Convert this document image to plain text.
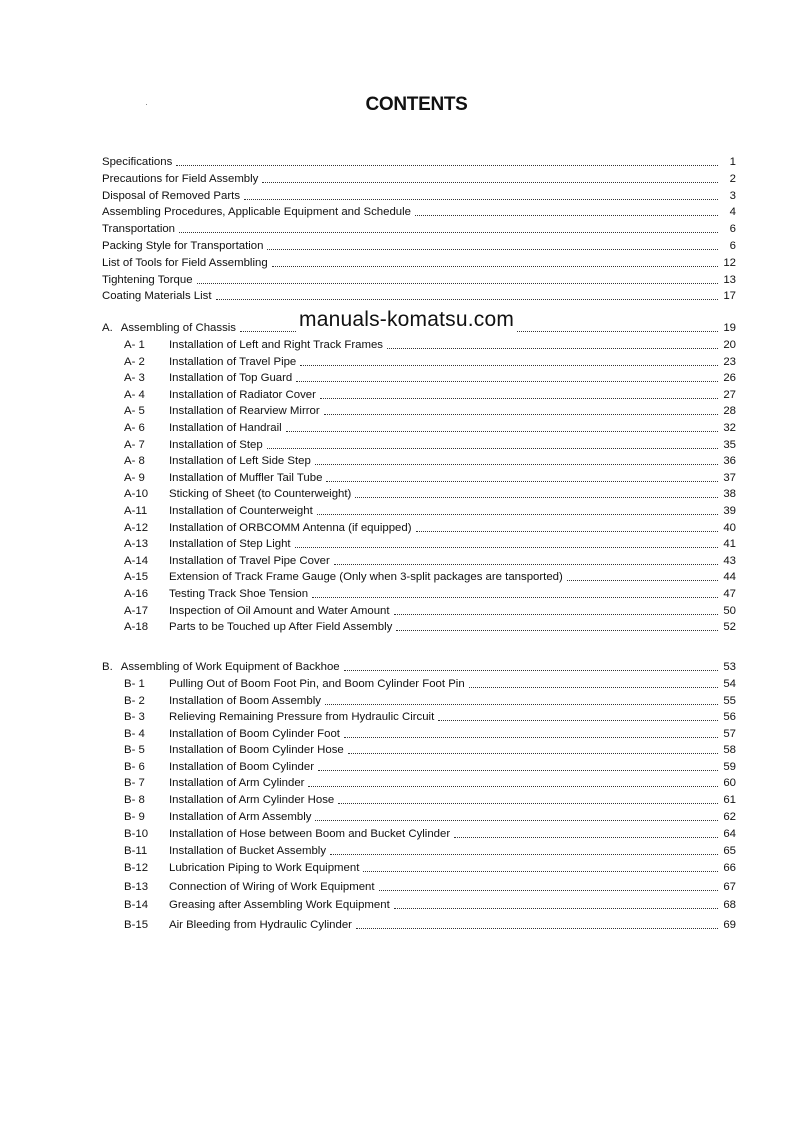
CONTENTS
Specifications	1
Precautions for Field Assembly	2
Disposal of Removed Parts	3
Assembling Procedures, Applicable Equipment and Schedule	4
Transportation	6
Packing Style for Transportation	6
List of Tools for Field Assembling	12
Tightening Torque	13
Coating Materials List	17
A. Assembling of Chassis	19
A- 1	Installation of Left and Right Track Frames	20
A- 2	Installation of Travel Pipe	23
A- 3	Installation of Top Guard	26
A- 4	Installation of Radiator Cover	27
A- 5	Installation of Rearview Mirror	28
A- 6	Installation of Handrail	32
A- 7	Installation of Step	35
A- 8	Installation of Left Side Step	36
A- 9	Installation of Muffler Tail Tube	37
A-10	Sticking of Sheet (to Counterweight)	38
A-11	Installation of Counterweight	39
A-12	Installation of ORBCOMM Antenna (if equipped)	40
A-13	Installation of Step Light	41
A-14	Installation of Travel Pipe Cover	43
A-15	Extension of Track Frame Gauge (Only when 3-split packages are tansported)	44
A-16	Testing Track Shoe Tension	47
A-17	Inspection of Oil Amount and Water Amount	50
A-18	Parts to be Touched up After Field Assembly	52
B. Assembling of Work Equipment of Backhoe	53
B- 1	Pulling Out of Boom Foot Pin, and Boom Cylinder Foot Pin	54
B- 2	Installation of Boom Assembly	55
B- 3	Relieving Remaining Pressure from Hydraulic Circuit	56
B- 4	Installation of Boom Cylinder Foot	57
B- 5	Installation of Boom Cylinder Hose	58
B- 6	Installation of Boom Cylinder	59
B- 7	Installation of Arm Cylinder	60
B- 8	Installation of Arm Cylinder Hose	61
B- 9	Installation of Arm Assembly	62
B-10	Installation of Hose between Boom and Bucket Cylinder	64
B-11	Installation of Bucket Assembly	65
B-12	Lubrication Piping to Work Equipment	66
B-13	Connection of Wiring of Work Equipment	67
B-14	Greasing after Assembling Work Equipment	68
B-15	Air Bleeding from Hydraulic Cylinder	69
manuals-komatsu.com
